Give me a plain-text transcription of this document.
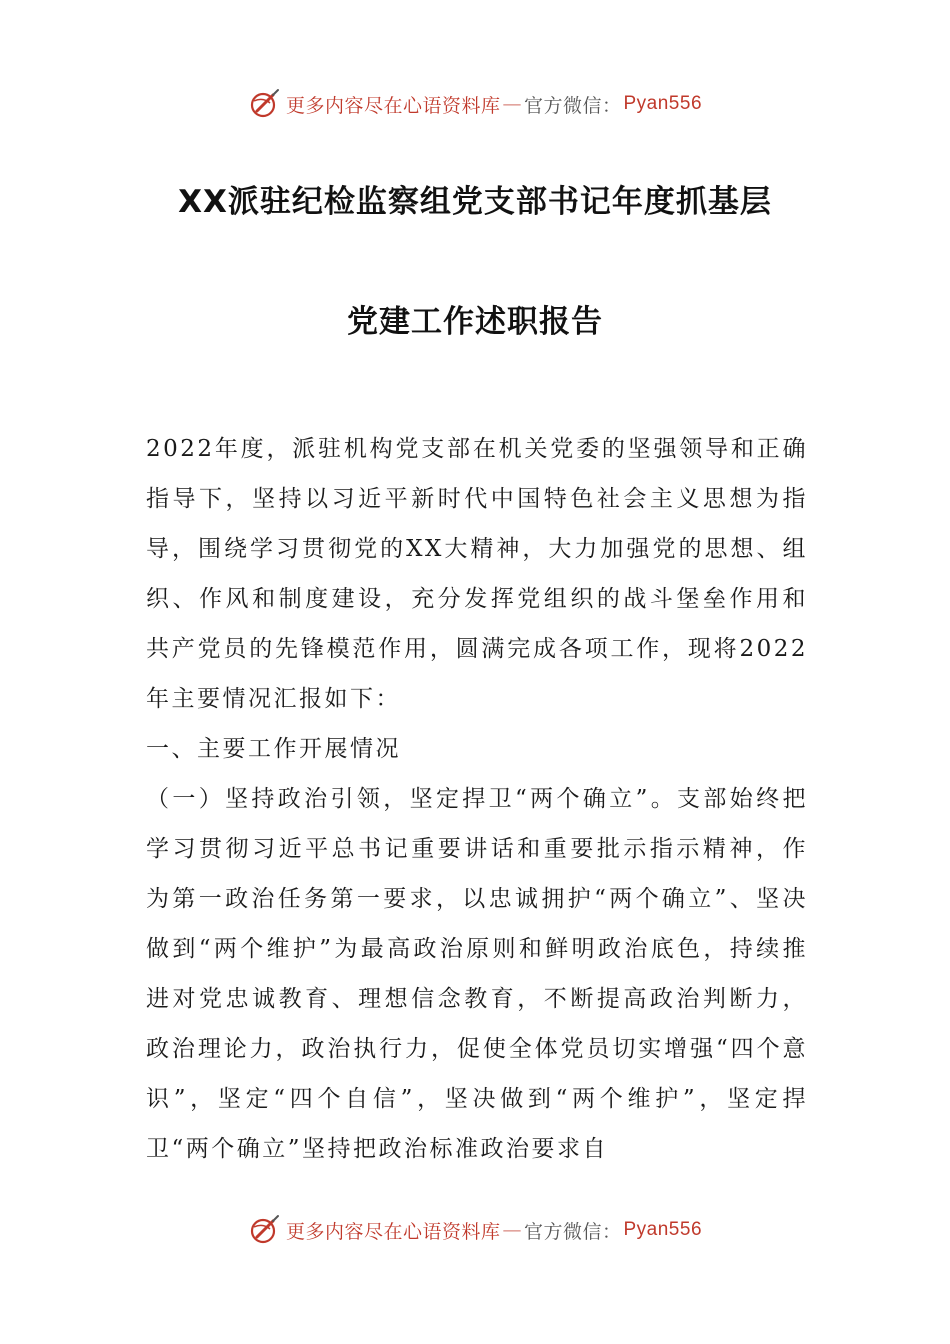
更多内容尽在心语资料库 — 官方微信： Pyan556
XX派驻纪检监察组党支部书记年度抓基层
党建工作述职报告

2022年度，派驻机构党支部在机关党委的坚强领导和正确指导下，坚持以习近平新时代中国特色社会主义思想为指导，围绕学习贯彻党的XX大精神，大力加强党的思想、组织、作风和制度建设，充分发挥党组织的战斗堡垒作用和共产党员的先锋模范作用，圆满完成各项工作，现将2022年主要情况汇报如下：

一、主要工作开展情况

（一）坚持政治引领，坚定捍卫“两个确立”。支部始终把学习贯彻习近平总书记重要讲话和重要批示指示精神，作为第一政治任务第一要求，以忠诚拥护“两个确立”、坚决做到“两个维护”为最高政治原则和鲜明政治底色，持续推进对党忠诚教育、理想信念教育，不断提高政治判断力，政治理论力，政治执行力，促使全体党员切实增强“四个意识”，坚定“四个自信”，坚决做到“两个维护”，坚定捍卫“两个确立”坚持把政治标准政治要求自

更多内容尽在心语资料库 — 官方微信： Pyan556
